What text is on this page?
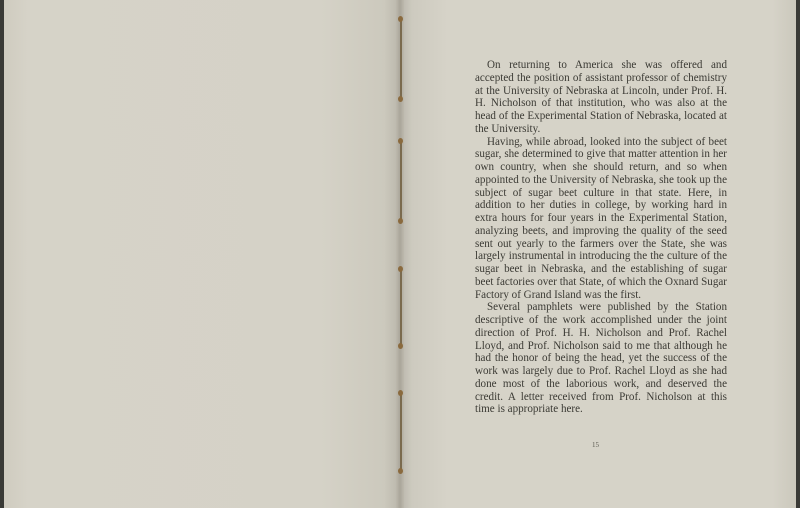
On returning to America she was offered and accepted the position of assistant professor of chemistry at the University of Nebraska at Lincoln, under Prof. H. H. Nicholson of that institution, who was also at the head of the Experimental Station of Nebraska, located at the University.

Having, while abroad, looked into the subject of beet sugar, she determined to give that matter attention in her own country, when she should return, and so when appointed to the University of Nebraska, she took up the subject of sugar beet culture in that state. Here, in addition to her duties in college, by working hard in extra hours for four years in the Experimental Station, analyzing beets, and improving the quality of the seed sent out yearly to the farmers over the State, she was largely instrumental in introducing the the culture of the sugar beet in Nebraska, and the establishing of sugar beet factories over that State, of which the Oxnard Sugar Factory of Grand Island was the first.

Several pamphlets were published by the Station descriptive of the work accomplished under the joint direction of Prof. H. H. Nicholson and Prof. Rachel Lloyd, and Prof. Nicholson said to me that although he had the honor of being the head, yet the success of the work was largely due to Prof. Rachel Lloyd as she had done most of the laborious work, and deserved the credit. A letter received from Prof. Nicholson at this time is appropriate here.

15
